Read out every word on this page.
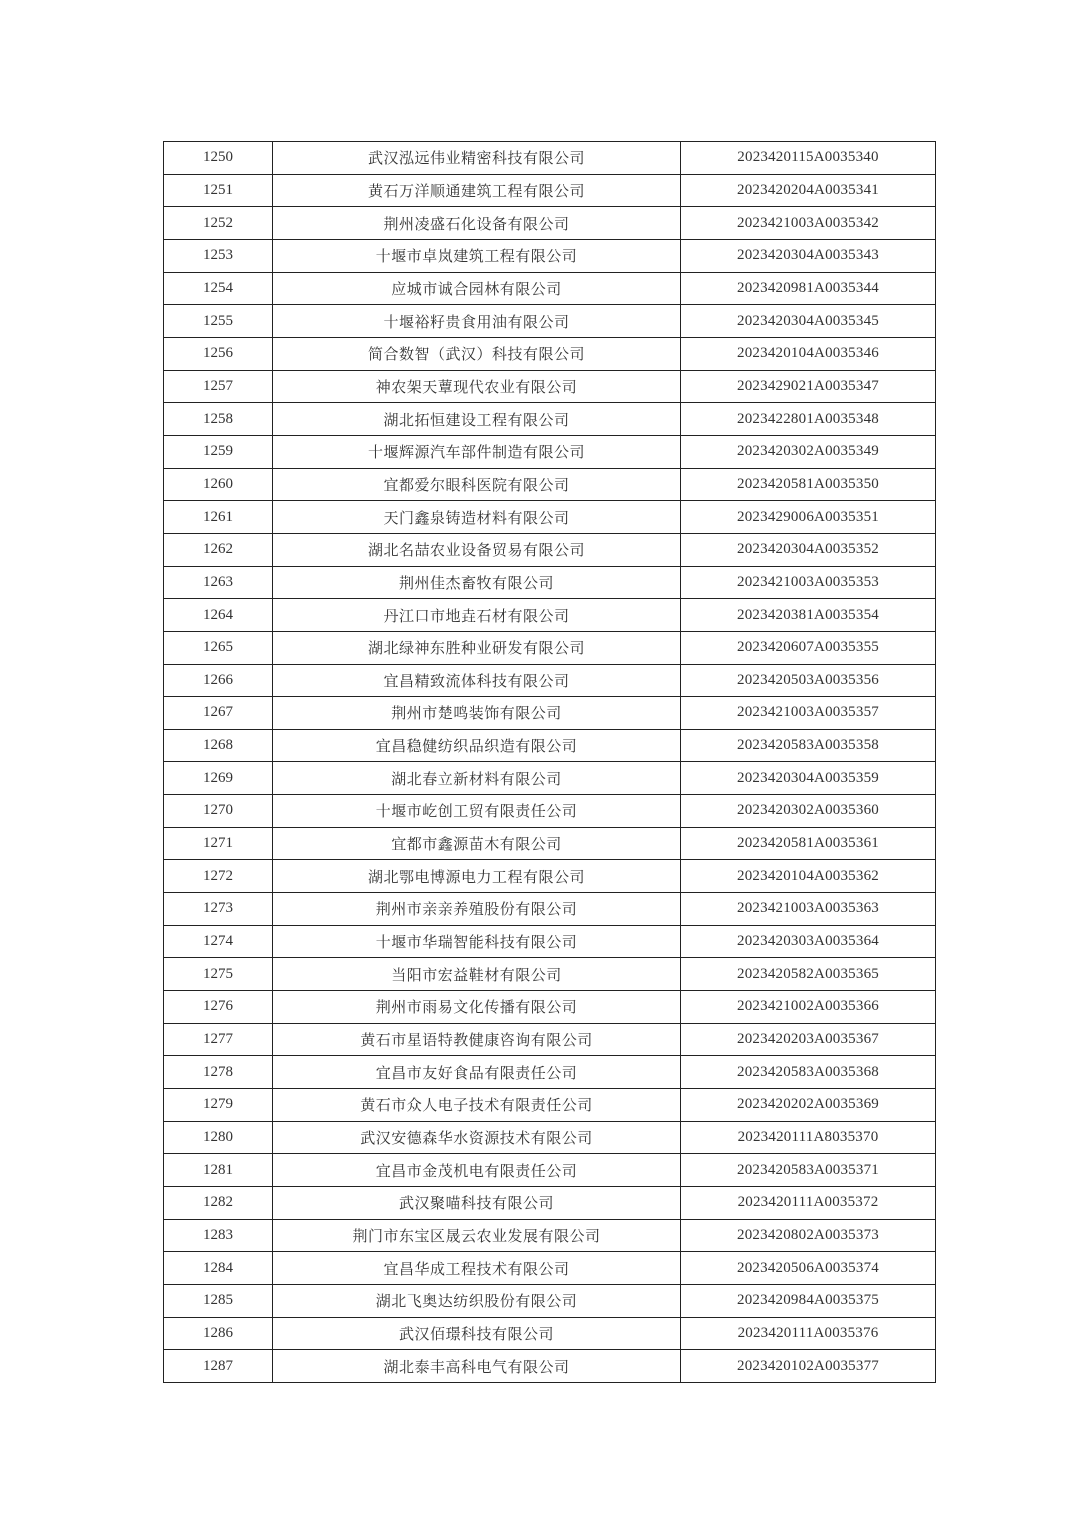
1250	武汉泓远伟业精密科技有限公司	2023420115A0035340
1251	黄石万洋顺通建筑工程有限公司	2023420204A0035341
1252	荆州凌盛石化设备有限公司	2023421003A0035342
1253	十堰市卓岚建筑工程有限公司	2023420304A0035343
1254	应城市诚合园林有限公司	2023420981A0035344
1255	十堰裕籽贵食用油有限公司	2023420304A0035345
1256	简合数智（武汉）科技有限公司	2023420104A0035346
1257	神农架天蕈现代农业有限公司	2023429021A0035347
1258	湖北拓恒建设工程有限公司	2023422801A0035348
1259	十堰辉源汽车部件制造有限公司	2023420302A0035349
1260	宜都爱尔眼科医院有限公司	2023420581A0035350
1261	天门鑫泉铸造材料有限公司	2023429006A0035351
1262	湖北名喆农业设备贸易有限公司	2023420304A0035352
1263	荆州佳杰畜牧有限公司	2023421003A0035353
1264	丹江口市地垚石材有限公司	2023420381A0035354
1265	湖北绿神东胜种业研发有限公司	2023420607A0035355
1266	宜昌精致流体科技有限公司	2023420503A0035356
1267	荆州市楚鸣装饰有限公司	2023421003A0035357
1268	宜昌稳健纺织品织造有限公司	2023420583A0035358
1269	湖北春立新材料有限公司	2023420304A0035359
1270	十堰市屹创工贸有限责任公司	2023420302A0035360
1271	宜都市鑫源苗木有限公司	2023420581A0035361
1272	湖北鄂电博源电力工程有限公司	2023420104A0035362
1273	荆州市亲亲养殖股份有限公司	2023421003A0035363
1274	十堰市华瑞智能科技有限公司	2023420303A0035364
1275	当阳市宏益鞋材有限公司	2023420582A0035365
1276	荆州市雨易文化传播有限公司	2023421002A0035366
1277	黄石市星语特教健康咨询有限公司	2023420203A0035367
1278	宜昌市友好食品有限责任公司	2023420583A0035368
1279	黄石市众人电子技术有限责任公司	2023420202A0035369
1280	武汉安德森华水资源技术有限公司	2023420111A8035370
1281	宜昌市金茂机电有限责任公司	2023420583A0035371
1282	武汉聚喵科技有限公司	2023420111A0035372
1283	荆门市东宝区晟云农业发展有限公司	2023420802A0035373
1284	宜昌华成工程技术有限公司	2023420506A0035374
1285	湖北飞奥达纺织股份有限公司	2023420984A0035375
1286	武汉佰璟科技有限公司	2023420111A0035376
1287	湖北泰丰高科电气有限公司	2023420102A0035377
